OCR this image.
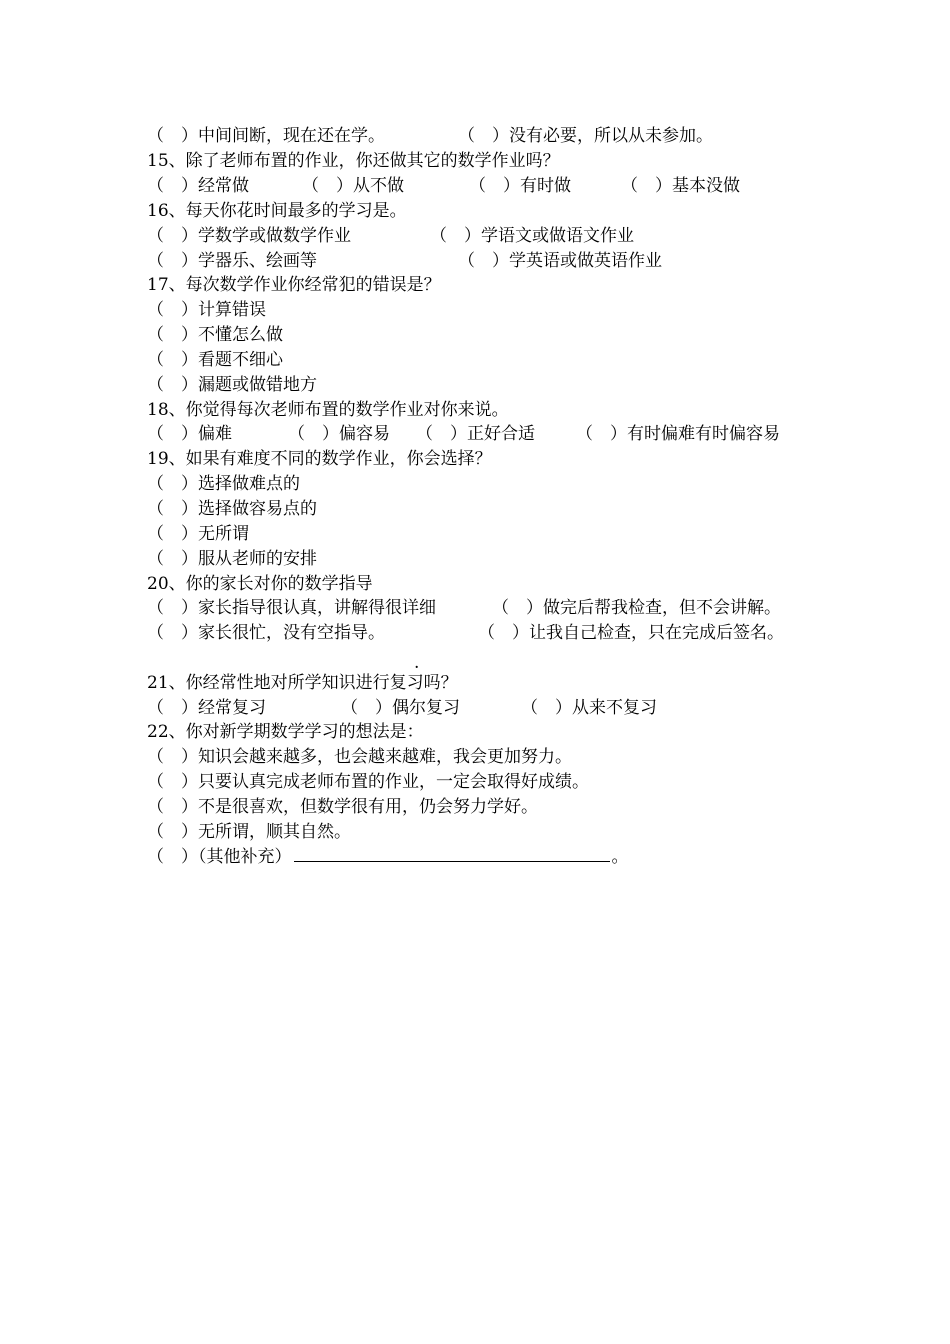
（　）中间间断，现在还在学。	（　）没有必要，所以从未参加。
15、除了老师布置的作业，你还做其它的数学作业吗？
（　）经常做	（　）从不做	（　）有时做	（　）基本没做
16、每天你花时间最多的学习是。
（　）学数学或做数学作业	（　）学语文或做语文作业
（　）学器乐、绘画等	（　）学英语或做英语作业
17、每次数学作业你经常犯的错误是？
（　）计算错误
（　）不懂怎么做
（　）看题不细心
（　）漏题或做错地方
18、你觉得每次老师布置的数学作业对你来说。
（　）偏难	（　）偏容易 （　）正好合适 （　）有时偏难有时偏容易
19、如果有难度不同的数学作业，你会选择？
（　）选择做难点的
（　）选择做容易点的
（　）无所谓
（　）服从老师的安排
20、你的家长对你的数学指导
（　）家长指导很认真，讲解得很详细	（　）做完后帮我检查，但不会讲解。
（　）家长很忙，没有空指导。	（　）让我自己检查，只在完成后签名。
.
21、你经常性地对所学知识进行复习吗？
（　）经常复习	（　）偶尔复习	（　）从来不复习
22、你对新学期数学学习的想法是：
（　）知识会越来越多，也会越来越难，我会更加努力。
（　）只要认真完成老师布置的作业，一定会取得好成绩。
（　）不是很喜欢，但数学很有用，仍会努力学好。
（　）无所谓，顺其自然。
（　）（其他补充）	。
